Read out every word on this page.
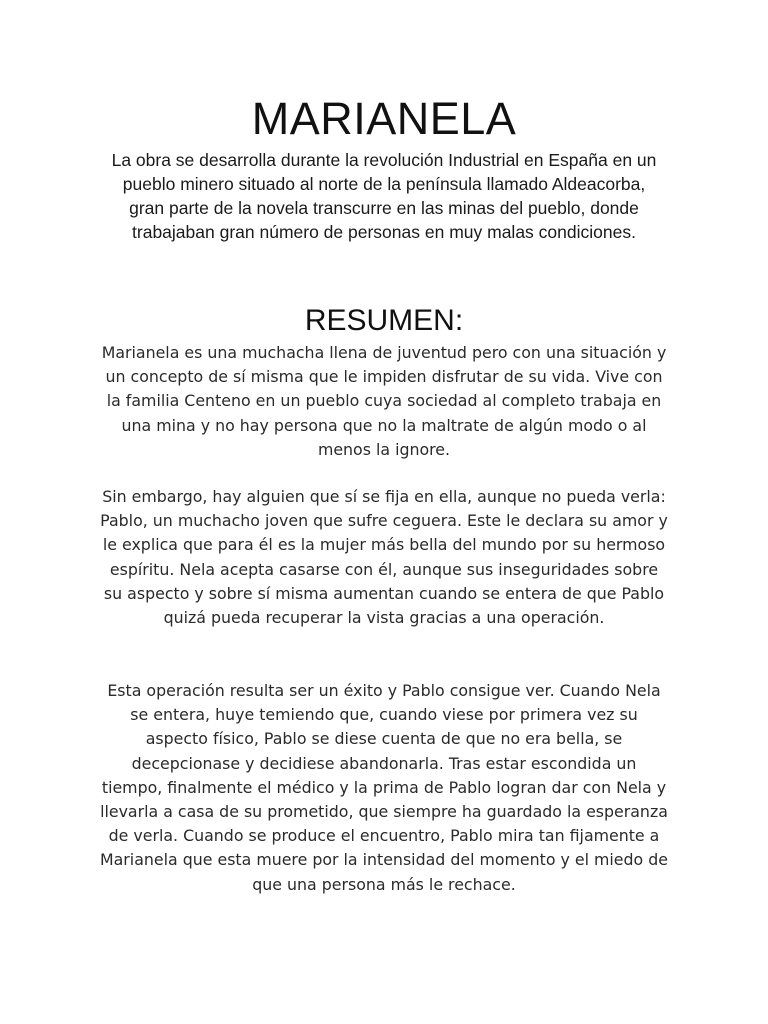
MARIANELA

La obra se desarrolla durante la revolución Industrial en España en un pueblo minero situado al norte de la península llamado Aldeacorba, gran parte de la novela transcurre en las minas del pueblo, donde trabajaban gran número de personas en muy malas condiciones.

RESUMEN:

Marianela es una muchacha llena de juventud pero con una situación y un concepto de sí misma que le impiden disfrutar de su vida. Vive con la familia Centeno en un pueblo cuya sociedad al completo trabaja en una mina y no hay persona que no la maltrate de algún modo o al menos la ignore.

Sin embargo, hay alguien que sí se fija en ella, aunque no pueda verla: Pablo, un muchacho joven que sufre ceguera. Este le declara su amor y le explica que para él es la mujer más bella del mundo por su hermoso espíritu. Nela acepta casarse con él, aunque sus inseguridades sobre su aspecto y sobre sí misma aumentan cuando se entera de que Pablo quizá pueda recuperar la vista gracias a una operación.

Esta operación resulta ser un éxito y Pablo consigue ver. Cuando Nela se entera, huye temiendo que, cuando viese por primera vez su aspecto físico, Pablo se diese cuenta de que no era bella, se decepcionase y decidiese abandonarla. Tras estar escondida un tiempo, finalmente el médico y la prima de Pablo logran dar con Nela y llevarla a casa de su prometido, que siempre ha guardado la esperanza de verla. Cuando se produce el encuentro, Pablo mira tan fijamente a Marianela que esta muere por la intensidad del momento y el miedo de que una persona más le rechace.
